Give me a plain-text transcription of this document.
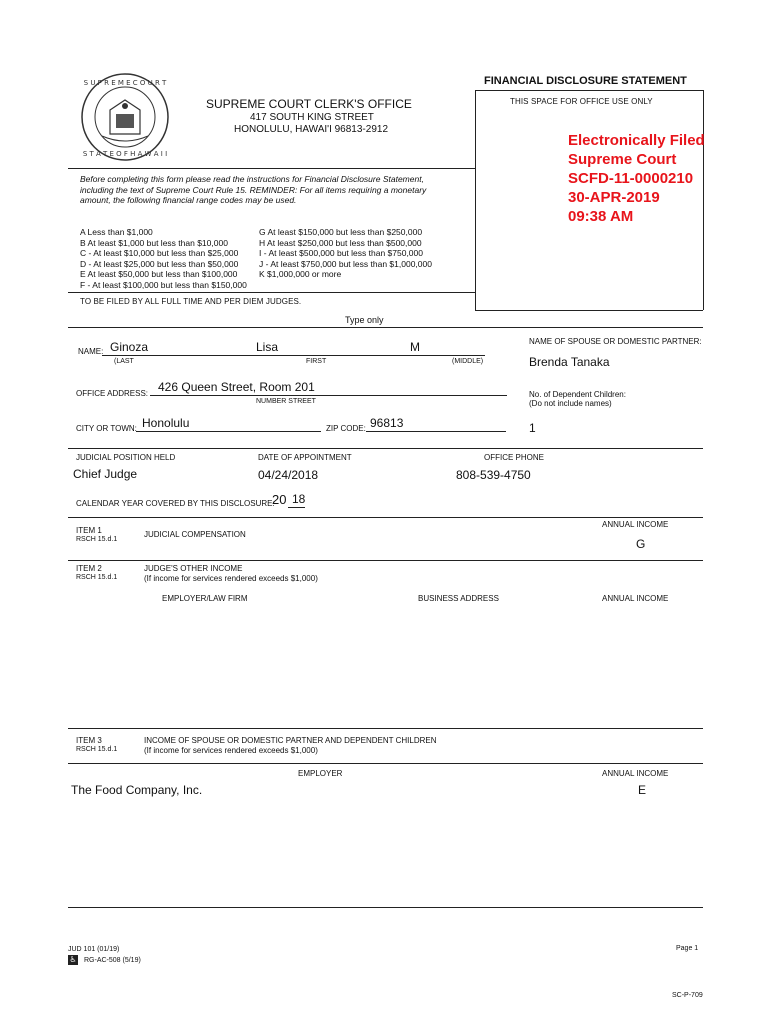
S U P R E M E C O U R T
S T A T E O F H A W A I I
FINANCIAL DISCLOSURE STATEMENT
SUPREME COURT CLERK'S OFFICE
417 SOUTH KING STREET
HONOLULU, HAWAI'I 96813-2912
THIS SPACE FOR OFFICE USE ONLY
Electronically Filed
Supreme Court
SCFD-11-0000210
30-APR-2019
09:38 AM
Before completing this form please read the instructions for Financial Disclosure Statement,
including the text of Supreme Court Rule 15. REMINDER: For all items requiring a monetary
amount, the following financial range codes may be used.
A Less than $1,000
B At least $1,000 but less than $10,000
C - At least $10,000 but less than $25,000
D - At least $25,000 but less than $50,000
E At least $50,000 but less than $100,000
F - At least $100,000 but less than $150,000
G At least $150,000 but less than $250,000
H At least $250,000 but less than $500,000
I - At least $500,000 but less than $750,000
J - At least $750,000 but less than $1,000,000
K $1,000,000 or more
TO BE FILED BY ALL FULL TIME AND PER DIEM JUDGES.
Type only
NAME: Ginoza	Lisa	M
(LAST	FIRST	(MIDDLE)
NAME OF SPOUSE OR DOMESTIC PARTNER:
Brenda Tanaka
OFFICE ADDRESS: 426 Queen Street, Room 201
NUMBER STREET
No. of Dependent Children:
(Do not include names)
CITY OR TOWN: Honolulu	ZIP CODE: 96813	1
JUDICIAL POSITION HELD	DATE OF APPOINTMENT	OFFICE PHONE
Chief Judge	04/24/2018	808-539-4750
CALENDAR YEAR COVERED BY THIS DISCLOSURE:
20 18
ITEM 1
RSCH 15.d.1
JUDICIAL COMPENSATION
ANNUAL INCOME
G
ITEM 2
RSCH 15.d.1
JUDGE'S OTHER INCOME
(If income for services rendered exceeds $1,000)
EMPLOYER/LAW FIRM	BUSINESS ADDRESS	ANNUAL INCOME
ITEM 3
RSCH 15.d.1
INCOME OF SPOUSE OR DOMESTIC PARTNER AND DEPENDENT CHILDREN
(If income for services rendered exceeds $1,000)
EMPLOYER	ANNUAL INCOME
The Food Company, Inc.	E
JUD 101 (01/19)
♿ RG-AC-508 (5/19)
Page 1
SC-P-709
